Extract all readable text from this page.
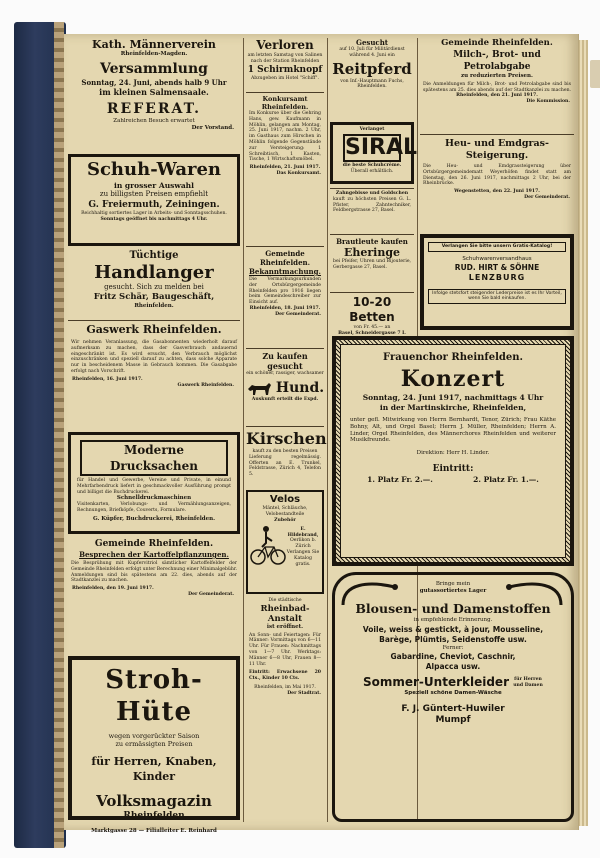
Kath. Männerverein
Rheinfelden-Magden.
Versammlung
Sonntag, 24. Juni, abends halb 9 Uhr
im kleinen Salmensaale.
REFERAT.
Zahlreichen Besuch erwartet
Der Vorstand.
Schuh-Waren
in grosser Auswahl
zu billigsten Preisen empfiehlt
G. Freiermuth, Zeiningen.
Reichhaltig sortiertes Lager in Arbeits- und Sonntagsschuhen.
Sonntags geöffnet bis nachmittags 4 Uhr.
Tüchtige
Handlanger
gesucht. Sich zu melden bei
Fritz Schär, Baugeschäft,
Rheinfelden.
Gaswerk Rheinfelden.
Wir nehmen Veranlassung, die Gasabonnenten wiederholt darauf aufmerksam zu machen, dass der Gasverbrauch andauernd eingeschränkt ist. Es wird ersucht, den Verbrauch möglichst einzuschränken und speziell darauf zu achten, dass solche Apparate nur in bescheidenem Masse in Gebrauch kommen. Die Gasabgabe erfolgt nach Vorschrift.
Rheinfelden, 16. Juni 1917.
Gaswerk Rheinfelden.
Moderne Drucksachen
für Handel und Gewerbe, Vereine und Private, in einund Mehrfarbendruck liefert in geschmackvoller Ausführung prompt und billigst die Buchdruckerei.
Schnelldruckmaschinen
Visitenkarten, Verlobungs- und Vermählungsanzeigen, Rechnungen, Briefköpfe, Couverts, Formulare.
G. Küpfer, Buchdruckerei, Rheinfelden.
Gemeinde Rheinfelden.
Besprechen der Kartoffelpflanzungen.
Die Besprühung mit Kupfervitriol sämtlicher Kartoffelfelder der Gemeinde Rheinfelden erfolgt unter Berechnung einer Minimalgebühr. Anmeldungen sind bis spätestens am 22. dies, abends auf der Stadtkanzlei zu machen.
Rheinfelden, den 19. Juni 1917.
Der Gemeinderat.
Stroh-Hüte
wegen vorgerückter Saison
zu ermässigten Preisen
für Herren, Knaben, Kinder
Volksmagazin
Rheinfelden
Marktgasse 28 — Filialleiter E. Reinhard
Verloren
am letzten Samstag von Salinen nach der Station Rheinfelden
1 Schirmknopf
Abzugeben im Hotel "Schiff".
Konkursamt Rheinfelden.
Im Konkurse über die Gehring Hans, gew. Kaufmann in Möhlin, gelangen am Montag, 25. Juni 1917, nachm. 2 Uhr, im Gasthaus zum Hirschen in Möhlin folgende Gegenstände zur Versteigerung: 1 Schreibtisch, 1 Kasten, Tische, 1 Wirtschaftsmöbel.
Rheinfelden, 21. Juni 1917.
Das Konkursamt.
Gemeinde Rheinfelden.
Bekanntmachung.
Die Vermarkungsurkunden der Ortsbürgergemeinde Rheinfelden pro 1916 liegen beim Gemeindeschreiber zur Einsicht auf.
Rheinfelden, 18. Juni 1917.
Der Gemeinderat.
Zu kaufen gesucht
ein schöner, rassiger, wachsamer
Hund.
Auskunft erteilt die Expd.
Kirschen
kauft zu den besten Preisen
Lieferung regelmässig. Offerten an E. Trunkel, Feldstrasse, Zürich 4, Telefon 5.
Velos
Mäntel, Schläuche, Velobestandteile
Zubehör
E. Hildebrand,
Oerlikon b. Zürich
Verlangen Sie Katalog gratis.
Die städtische
Rheinbad-Anstalt
ist eröffnet.
An Sonn- und Feiertagen: Für Männer: Vormittags von 6—11 Uhr. Für Frauen: Nachmittags von 1—7 Uhr. Werktags: Männer 6—8 Uhr, Frauen 8—11 Uhr.
Eintritt: Erwachsene 20 Cts., Kinder 10 Cts.
Rheinfelden, im Mai 1917.
Der Stadtrat.
Gesucht
auf 10. Juli für Militärdienst während 4. Juni ein
Reitpferd
von Inf.-Hauptmann Fuchs, Rheinfelden.
Verlanget
SIRAL
die beste Schuhcrème.
Überall erhältlich.
Zahngebisse und Goldschen
kauft zu höchsten Preisen G. L. Pfister, Zahntechniker, Feldbergstrasse 27, Basel.
Brautleute kaufen
Eheringe
bei Pfeifer, Uhren und Bijouterie, Gerbergasse 27, Basel.
10-20 Betten
von Fr. 45.— an
Basel, Schneidergasse 7 I.
Gemeinde Rheinfelden.
Milch-, Brot- und Petrolabgabe
zu reduzierten Preisen.
Die Anmeldungen für Milch-, Brot- und Petrolabgabe sind bis spätestens am 25. dies abends auf der Stadtkanzlei zu machen.
Rheinfelden, den 21. Juni 1917.
Die Kommission.
Heu- und Emdgras-Steigerung.
Die Heu- und Emdgrassteigerung über Ortsbürgergemeindematt Weyerhöfen findet statt am Dienstag, den 26. Juni 1917, nachmittags 2 Uhr, bei der Rheinbrücke.
Wegenstetten, den 22. Juni 1917.
Der Gemeinderat.
Verlangen Sie bitte unsern Gratis-Katalog!
Schuhwarenversandhaus
RUD. HIRT & SÖHNE
LENZBURG
Infolge stetsfort steigender Lederpreise ist es Ihr Vorteil, wenn Sie bald einkaufen.
Frauenchor Rheinfelden.
Konzert
Sonntag, 24. Juni 1917, nachmittags 4 Uhr
in der Martinskirche, Rheinfelden,
unter gefl. Mitwirkung von Herrn Bernhardt, Tenor, Zürich; Frau Käthe Bohny, Alt, und Orgel Basel; Herrn J. Müller, Rheinfelden; Herrn A. Linder, Orgel Rheinfelden, des Männerchores Rheinfelden und weiterer Musikfreunde.
Direktion: Herr H. Linder.
Eintritt:
1. Platz Fr. 2.—.	2. Platz Fr. 1.—.
Bringe mein
gutassortiertes Lager
Blousen- und Damenstoffen
in empfehlende Erinnerung.
Voile, weiss & gestickt, à jour, Mousseline,
Barège, Plümtis, Seidenstoffe usw.
Ferner:
Gabardine, Cheviot, Caschnir,
Alpacca usw.
Sommer-Unterkleider für Herren und Damen
Speziell schöne Damen-Wäsche
F. J. Güntert-Huwiler
Mumpf
